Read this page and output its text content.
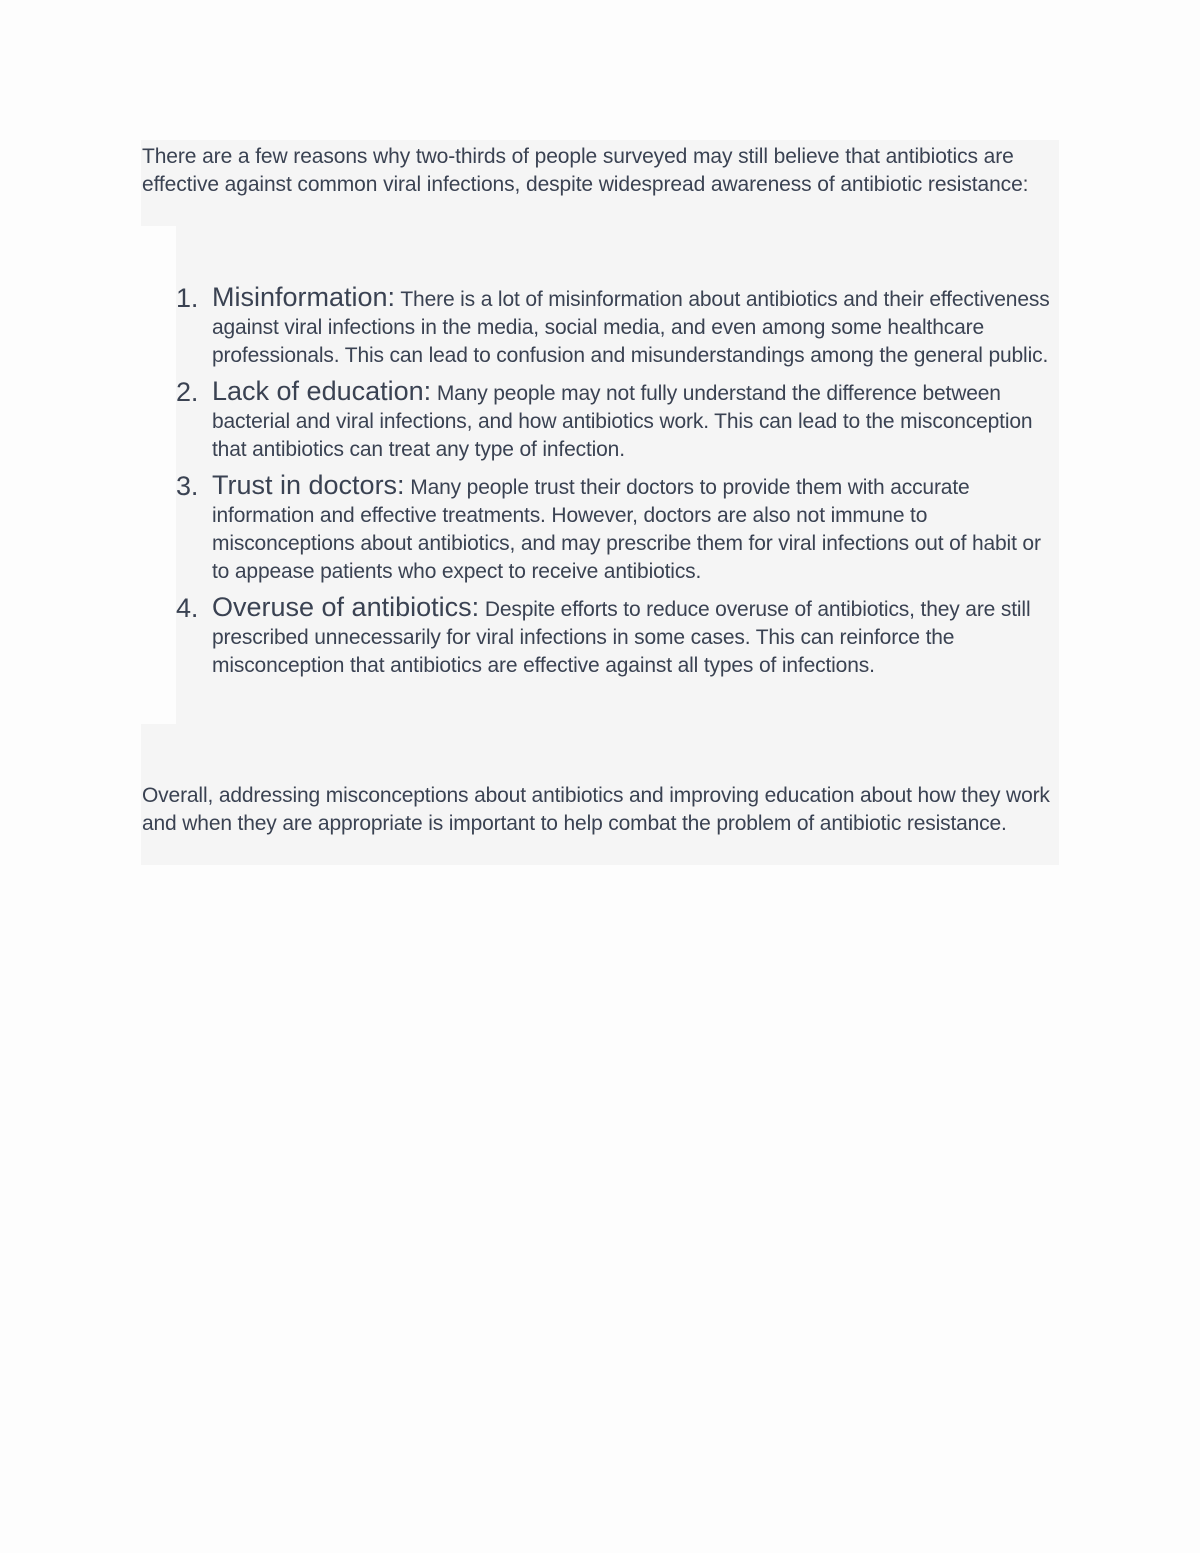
There are a few reasons why two-thirds of people surveyed may still believe that antibiotics are effective against common viral infections, despite widespread awareness of antibiotic resistance:

1. Misinformation: There is a lot of misinformation about antibiotics and their effectiveness against viral infections in the media, social media, and even among some healthcare professionals. This can lead to confusion and misunderstandings among the general public.
2. Lack of education: Many people may not fully understand the difference between bacterial and viral infections, and how antibiotics work. This can lead to the misconception that antibiotics can treat any type of infection.
3. Trust in doctors: Many people trust their doctors to provide them with accurate information and effective treatments. However, doctors are also not immune to misconceptions about antibiotics, and may prescribe them for viral infections out of habit or to appease patients who expect to receive antibiotics.
4. Overuse of antibiotics: Despite efforts to reduce overuse of antibiotics, they are still prescribed unnecessarily for viral infections in some cases. This can reinforce the misconception that antibiotics are effective against all types of infections.

Overall, addressing misconceptions about antibiotics and improving education about how they work and when they are appropriate is important to help combat the problem of antibiotic resistance.
